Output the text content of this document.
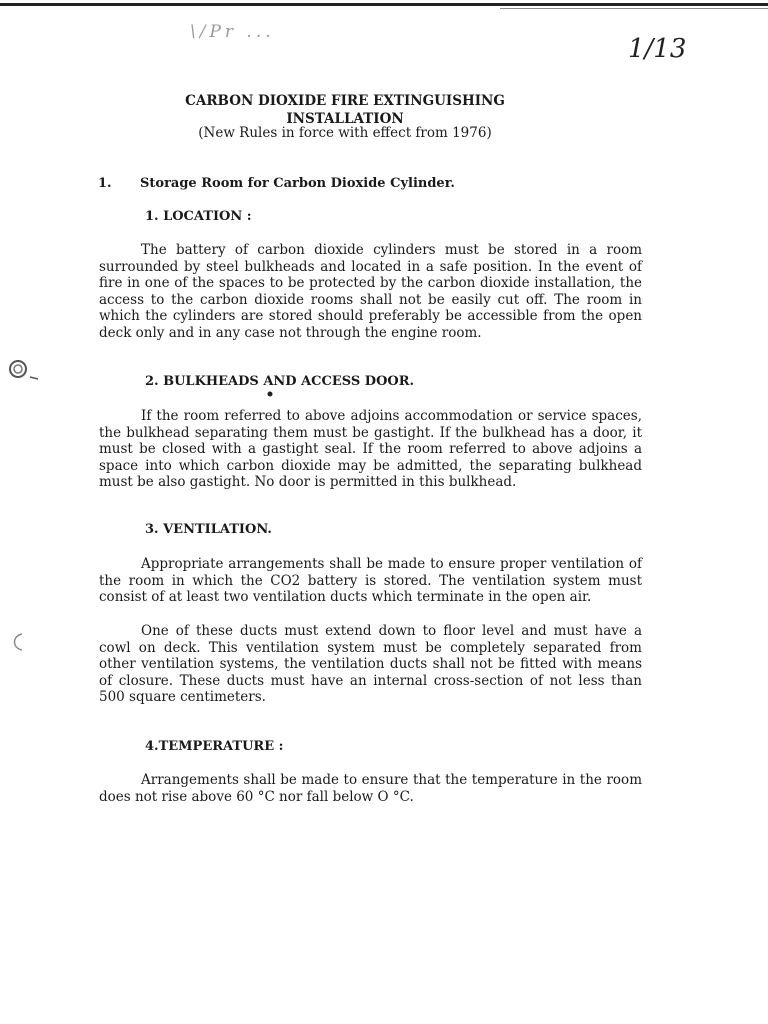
\/Pr ...
1/13
CARBON DIOXIDE FIRE EXTINGUISHING
INSTALLATION
(New Rules in force with effect from 1976)
1. Storage Room for Carbon Dioxide Cylinder.
1. LOCATION :

The battery of carbon dioxide cylinders must be stored in a room surrounded by steel bulkheads and located in a safe position. In the event of fire in one of the spaces to be protected by the carbon dioxide installation, the access to the carbon dioxide rooms shall not be easily cut off. The room in which the cylinders are stored should preferably be accessible from the open deck only and in any case not through the engine room.

2. BULKHEADS AND ACCESS DOOR.

If the room referred to above adjoins accommodation or service spaces, the bulkhead separating them must be gastight. If the bulkhead has a door, it must be closed with a gastight seal. If the room referred to above adjoins a space into which carbon dioxide may be admitted, the separating bulkhead must be also gastight. No door is permitted in this bulkhead.

3. VENTILATION.

Appropriate arrangements shall be made to ensure proper ventilation of the room in which the CO2 battery is stored. The ventilation system must consist of at least two ventilation ducts which terminate in the open air.

One of these ducts must extend down to floor level and must have a cowl on deck. This ventilation system must be completely separated from other ventilation systems, the ventilation ducts shall not be fitted with means of closure. These ducts must have an internal cross-section of not less than 500 square centimeters.

4.TEMPERATURE :

Arrangements shall be made to ensure that the temperature in the room does not rise above 60 °C nor fall below O °C.
